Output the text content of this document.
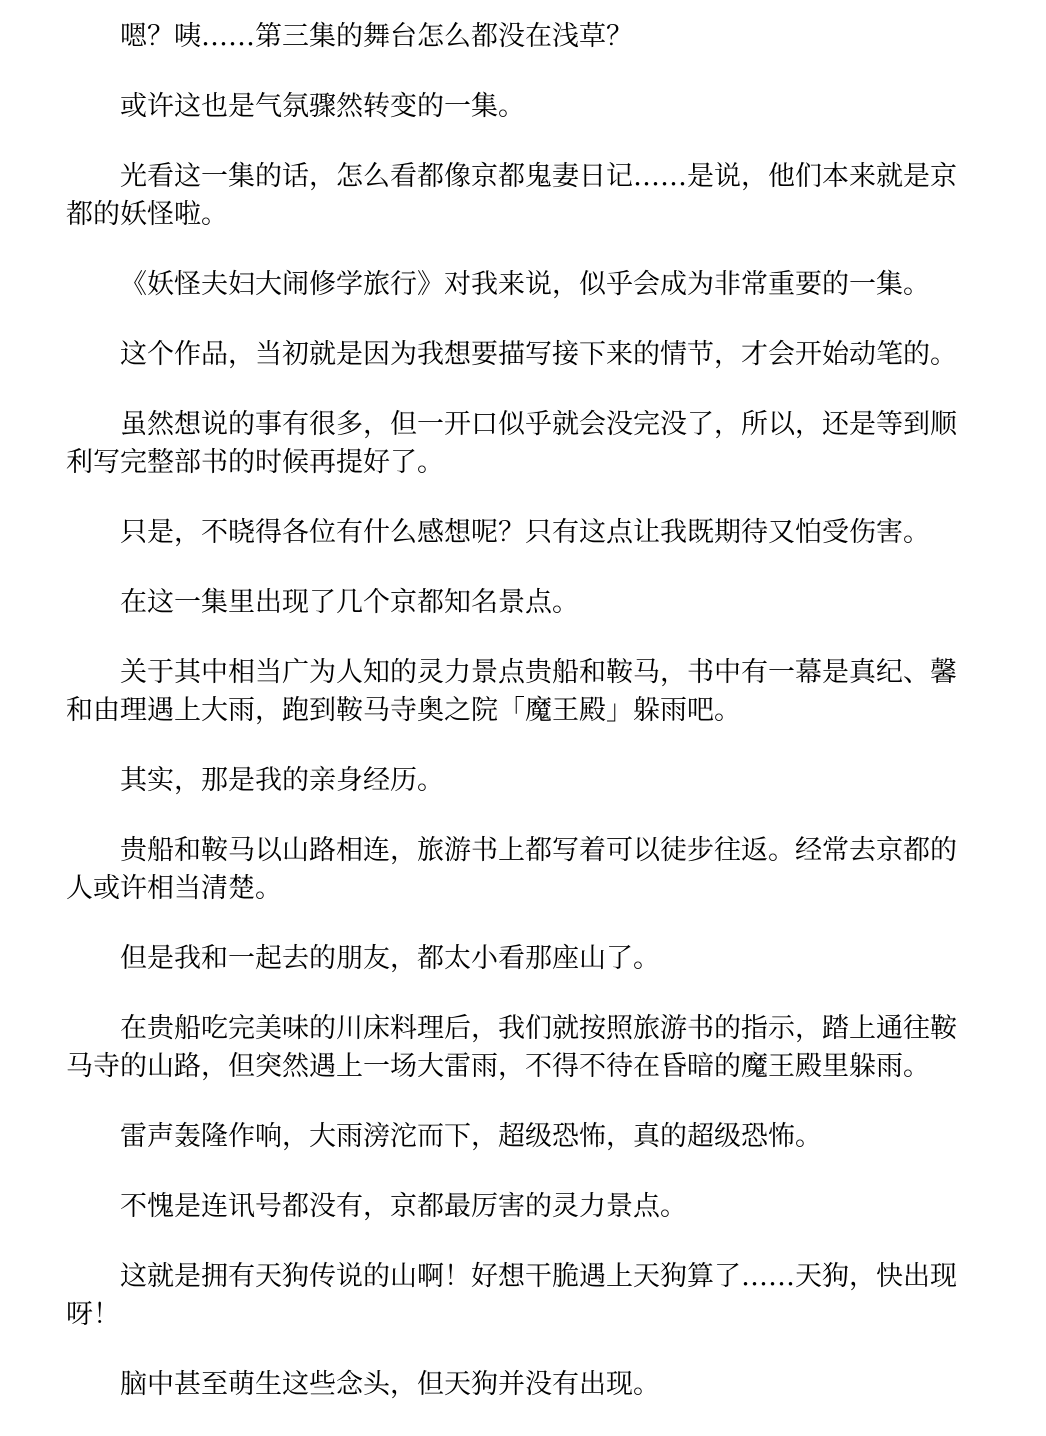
嗯？咦……第三集的舞台怎么都没在浅草？

或许这也是气氛骤然转变的一集。

光看这一集的话，怎么看都像京都鬼妻日记……是说，他们本来就是京都的妖怪啦。

《妖怪夫妇大闹修学旅行》对我来说，似乎会成为非常重要的一集。

这个作品，当初就是因为我想要描写接下来的情节，才会开始动笔的。

虽然想说的事有很多，但一开口似乎就会没完没了，所以，还是等到顺利写完整部书的时候再提好了。

只是，不晓得各位有什么感想呢？只有这点让我既期待又怕受伤害。

在这一集里出现了几个京都知名景点。

关于其中相当广为人知的灵力景点贵船和鞍马，书中有一幕是真纪、馨和由理遇上大雨，跑到鞍马寺奥之院「魔王殿」躲雨吧。

其实，那是我的亲身经历。

贵船和鞍马以山路相连，旅游书上都写着可以徒步往返。经常去京都的人或许相当清楚。

但是我和一起去的朋友，都太小看那座山了。

在贵船吃完美味的川床料理后，我们就按照旅游书的指示，踏上通往鞍马寺的山路，但突然遇上一场大雷雨，不得不待在昏暗的魔王殿里躲雨。

雷声轰隆作响，大雨滂沱而下，超级恐怖，真的超级恐怖。

不愧是连讯号都没有，京都最厉害的灵力景点。

这就是拥有天狗传说的山啊！好想干脆遇上天狗算了……天狗，快出现呀！

脑中甚至萌生这些念头，但天狗并没有出现。
